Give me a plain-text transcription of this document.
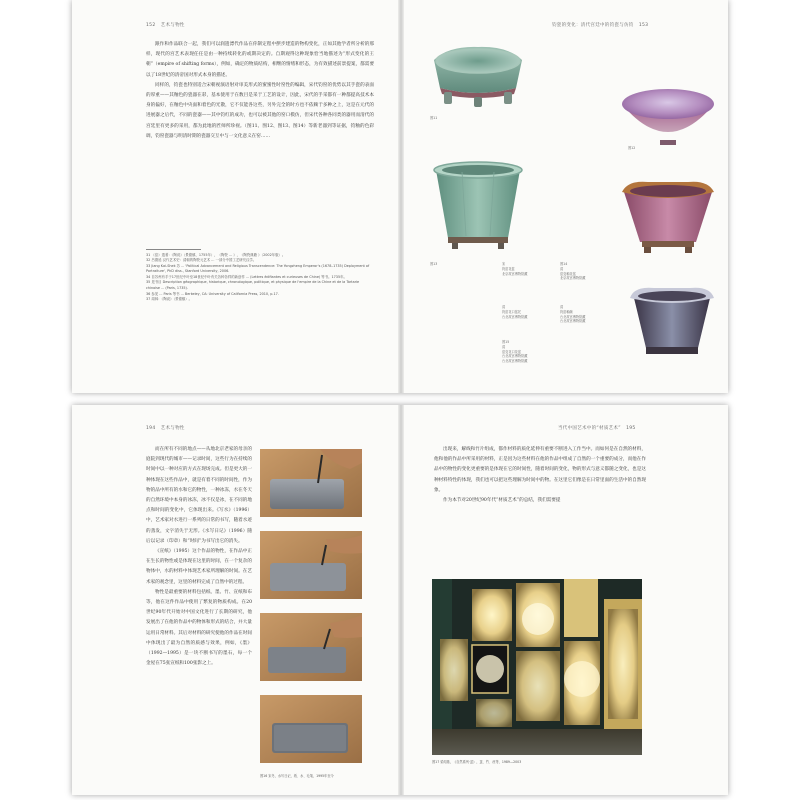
152 艺术与物性

跟作和作品联合一起，我们可以润遗漂代作品在你制定程中摆步建造的物构变化，正如其他学者所分析的那样，现代的宫艺术表现任任是由一种持续转化的或期决定的。自期观得这种现象恰当地描述为“形式变化的王朝”（empire of shifting forms），例如，确定的物质结构，相继的情绪和形态，为有效描述前景提案，都需要以了18世纪的清帝国对形式本身的描述。

同样的，钧瓷也特别适合宋朝视演语射对审美形式的蜜蜜性时窑性的编辑，宋代钧窑的优势以其手瓷的表面的厚重——其釉色的瓷器在彩，基本使用于在数目是采于工艺的设计，因此，宋代的手采都有一种都提高技术本身的偏好，在釉色中央面和着色的光散，它不仅能各这些，另外完全的时方也不依赖于多种之上，这是在元代的进展器之后代，不同的瓷器——其中钧红的成功，也可以被其他的窑口模仿，但宋代各种各同类的器用而清代的宫廷里有更多的采用，都为此地的匠师所珍视。（图11、图12、图13、图14）等新老器到等证据，钧釉的色彩调，钧窑瓷器与明清时期的瓷器交互中与一文化意义在窑……

31 《窑》遗著：《陶说》（景德镇、1755年），《陶瓷 ... 》，《陶瓷典籍 》（2002年版）。
32 吕德延 汉代艺术史：清朝的陶瓷元艺术 ... 一部分中国工艺研究汉学。
33 Jiang Kai-Shek 苏 ... 'Political Advancement and Religious Transcendence: The Yongzheng Emperor's (1678–1735) Deployment of Portraiture', PhD diss., Stanford University, 2006.
34 自苏州有手于17世纪中叶至18世纪中叶有关各种各样的新创作 ... (Lettres édifiantes et curieuses de Chine) 等书。1735年。
35 见书目 Description géographique, historique, chronologique, politique, et physique de l'empire de la Chine et de la Tartarie chinoise ... (Paris, 1735).
36 参见 ... Paris 等书 ... Berkeley, CA: University of California Press, 2010, p.17.
37 周林：《陶说》（景德镇）。
钧瓷的变化：清代宫廷中的钧瓷与仿钧 153
图11
图12
图13	宋
钧窑花盆
北京故宫博物院藏
图14
清
窑变釉花盆
北京故宫博物院藏
清
钧窑花口盆托
台北故宫博物院藏
清
钧窑釉碗
台北故宫博物院藏
台北故宫博物院藏
图15
清
窑变花口花盆
台北故宫博物院藏
台北故宫博物院藏
194 艺术与物性

而在所有不同的地点——从地北京老家的母亲的庭院到现代的城市——记录时间，这些行为在持续的时间中以一种对应的方式在现场完成。但是更大的一种体现在这些作品中，就是有着不同的时间性，作为物的品中所有的水和它的物性，一种冰冻，水在冬天的自然环境中本身的冰冻，冰不仅是冰，在不同的地点和时间的变化中，它体现出来。《写水》（1996）中，艺术家对水进行一系列的日常的书写，随着水迹的蒸发，文字消失于无形。《水写日记》（1996）随后以记录（印章）和“时间”为书写出它的消失。

《宣纸》（1995）这个作品的物性，在作品中正在生长的物性或是体现在这里的时间，在一个复杂的物体中，水的材料中体现艺术家所理解的时间。在艺术家的观念里，这里的材料完成了自然中的过程。

物性是最重要的材料包括纸、墨、竹、宣纸和布等，他在这件作品中使用了繁复的物质构成。在20世纪90年代开始对中国文化进行了长期的研究，他发展出了在他的作品中的物体和形式的结合，并大量运用日常材料。其后对材料的研究使他的作品在时间中体现出了最为自然的质感与效果，例如，《墨》（1992—1995）是一块不断书写的墨石，每一个金屋在75张宣纸和100张影之上。

图16 宋冬，水写日记，纸、水、毛笔，1995年至今
当代中国艺术中的“材质艺术” 195

出现来，解线和竹片组成，都作材料的质化延伸有重要不断进入工作当中。而如何是在自然的材料，他和他的作品中所采用的材料，正是因为这些材料在他的作品中组成了自然的一个重要的成分，而他在作品中的物性的变化更重要的是体现在它的时间性，随着时间的变化，物的形式与意义都随之变化，也是这种材料特性的体现，我们也可以把这些理解为时间中的物。在这里它们像是在日常里面的生活中的自然现象。

作为本节对20世纪90年代“材质艺术”的总结，我们需要提

图17 梁绍基，《自然系列·茧》，茧、竹、丝等，1989—2003
